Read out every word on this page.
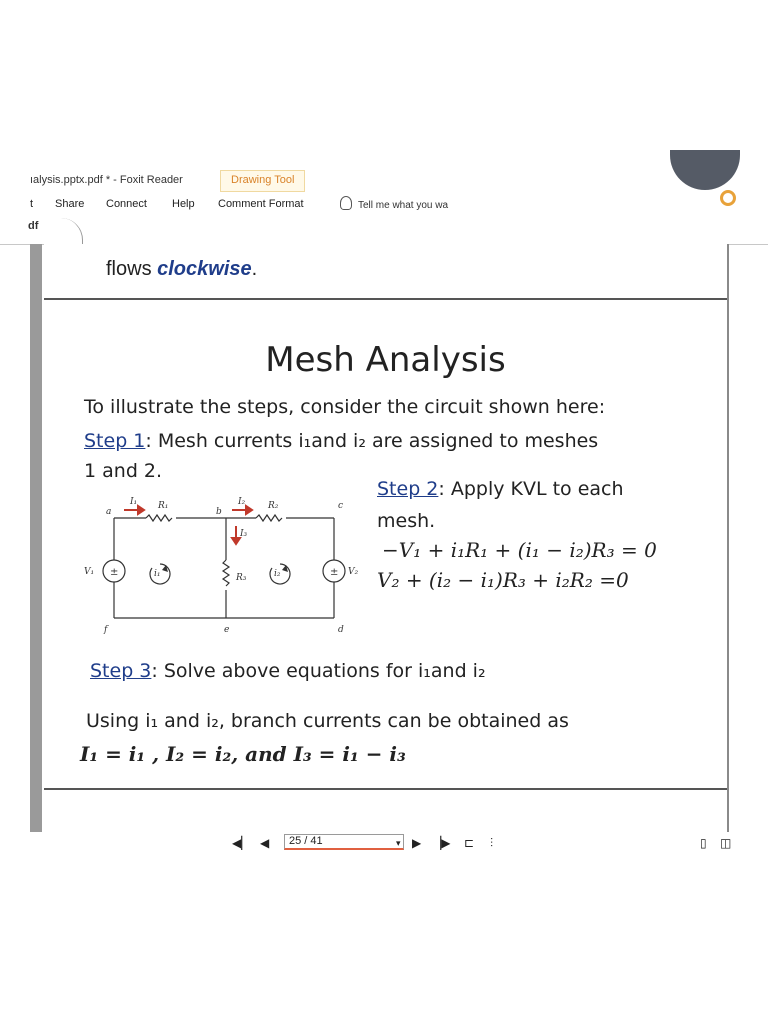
ıalysis.pptx.pdf * - Foxit Reader	Drawing Tool
t Share Connect Help Comment Format	Tell me what you wa
df
flows clockwise.
Mesh Analysis
To illustrate the steps, consider the circuit shown here:
Step 1: Mesh currents i₁and i₂ are assigned to meshes
1 and 2.
Step 2: Apply KVL to each
mesh.
−V₁ + i₁R₁ + (i₁ − i₂)R₃ = 0
V₂ + (i₂ − i₁)R₃ + i₂R₂ =0
a	b
c
d
e
f
I₁	I₂
I₃
R₁	R₂
R₃
V₁	V₂
i₁	i₂
±	±
Step 3: Solve above equations for i₁and i₂
Using i₁ and i₂, branch currents can be obtained as
I₁ = i₁ , I₂ = i₂, and I₃ = i₁ − i₃
◀▏ ◀	25 / 41	▾ ▶ ▕▶ ⊏ ⫶	▯ ◫
